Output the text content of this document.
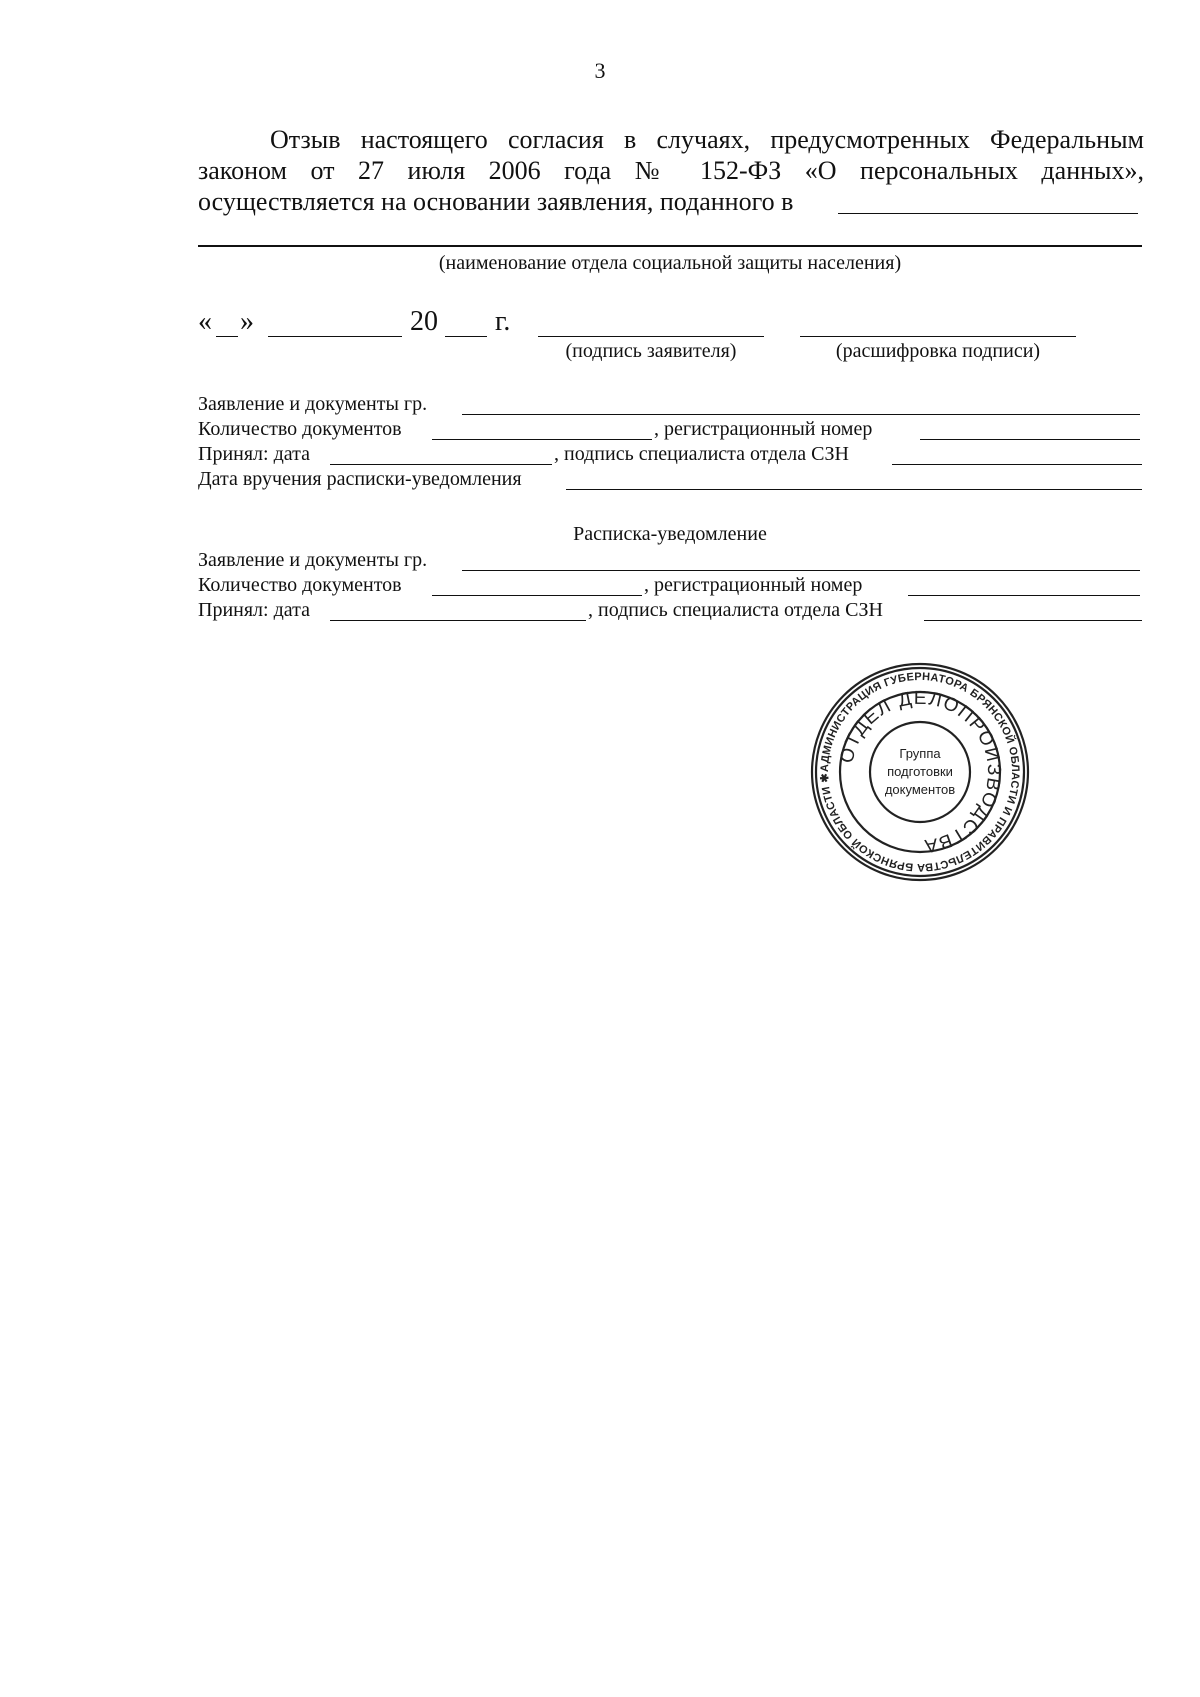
3
Отзыв настоящего согласия в случаях, предусмотренных Федеральным
законом от 27 июля 2006 года № 152-ФЗ «О персональных данных»,
осуществляется на основании заявления, поданного в
(наименование отдела социальной защиты населения)
« »	20 г.
(подпись заявителя)	(расшифровка подписи)
Заявление и документы гр.
Количество документов	, регистрационный номер
Принял: дата	, подпись специалиста отдела СЗН
Дата вручения расписки-уведомления
Расписка-уведомление
Заявление и документы гр.
Количество документов	, регистрационный номер
Принял: дата	, подпись специалиста отдела СЗН
АДМИНИСТРАЦИЯ ГУБЕРНАТОРА БРЯНСКОЙ ОБЛАСТИ И ПРАВИТЕЛЬСТВА БРЯНСКОЙ ОБЛАСТИ ✱
ОТДЕЛ ДЕЛОПРОИЗВОДСТВА
Группа
подготовки
документов
